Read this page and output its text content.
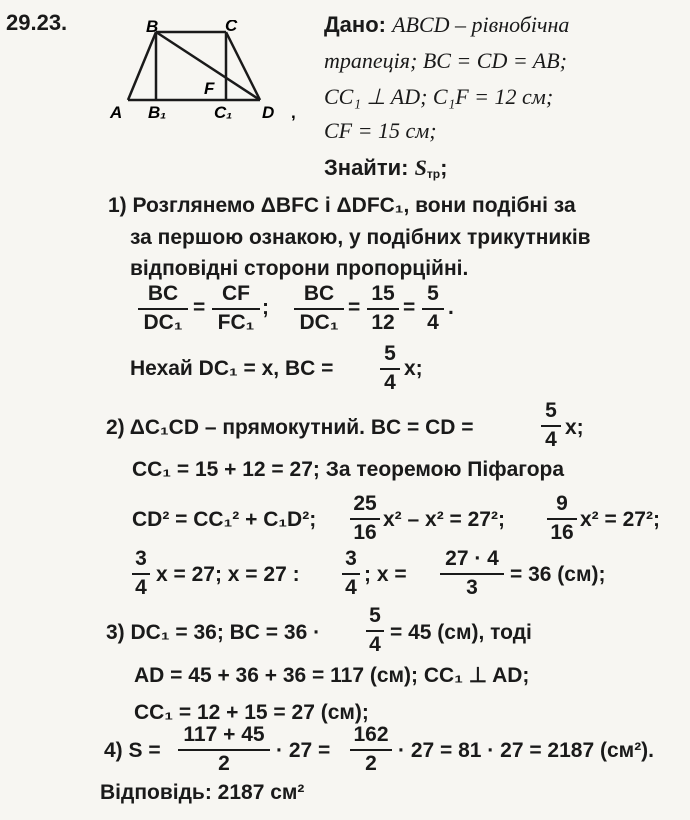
29.23.	B	C
A B₁
F
C₁ D ,
Дано: ABCD – рівнобічна
трапеція; BC = CD = AB;
CC₁ ⊥ AD; C₁F = 12 см;
CF = 15 см;
Знайти: $S_{тр}$;
1) Розглянемо ΔBFC і ΔDFC₁, вони подібні за
за першою ознакою, у подібних трикутників
відповідні сторони пропорційні.
BC
DC₁
=
CF
FC₁
;
BC
DC₁
=
15
12
=
5
4
.
Нехай DC₁ = x, BC =
5
4
x;
2) ΔC₁CD – прямокутний. BC = CD =
5
4
x;
CC₁ = 15 + 12 = 27; За теоремою Піфагора
CD² = CC₁² + C₁D²;
25
16
x² – x² = 27²;
9
16
x² = 27²;
3
4
x = 27; x = 27 :
3
4
; x =
27 · 4
3
= 36 (см);
3) DC₁ = 36; BC = 36 ·
5
4
= 45 (см), тоді
AD = 45 + 36 + 36 = 117 (см); CC₁ ⊥ AD;
CC₁ = 12 + 15 = 27 (см);
4) S =
117 + 45
2
· 27 =
162
2
· 27 = 81 · 27 = 2187 (см²).
Відповідь: 2187 см²
